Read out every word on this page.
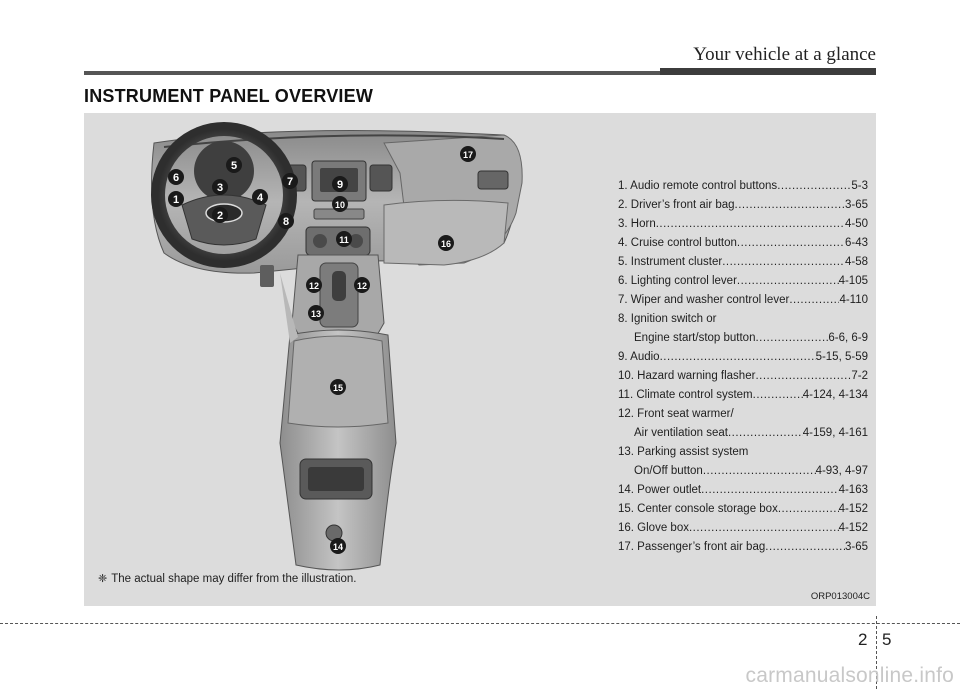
Your vehicle at a glance
INSTRUMENT PANEL OVERVIEW
1
2
3
4
5
6	7
8
9
10
11
12	12
13
14
15
16
17
1. Audio remote control buttons .....	5-3
2. Driver’s front air bag .....	3-65
3. Horn .....	4-50
4. Cruise control button .....	6-43
5. Instrument cluster .....	4-58
6. Lighting control lever .....	4-105
7. Wiper and washer control lever .....	4-110
8. Ignition switch or
Engine start/stop button .....	6-6, 6-9
9. Audio .....	5-15, 5-59
10. Hazard warning flasher .....	7-2
11. Climate control system .....	4-124, 4-134
12. Front seat warmer/
Air ventilation seat .....	4-159, 4-161
13. Parking assist system
On/Off button .....	4-93, 4-97
14. Power outlet .....	4-163
15. Center console storage box .....	4-152
16. Glove box .....	4-152
17. Passenger’s front air bag .....	3-65
❈ The actual shape may differ from the illustration.
ORP013004C
2 5
carmanualsonline.info
